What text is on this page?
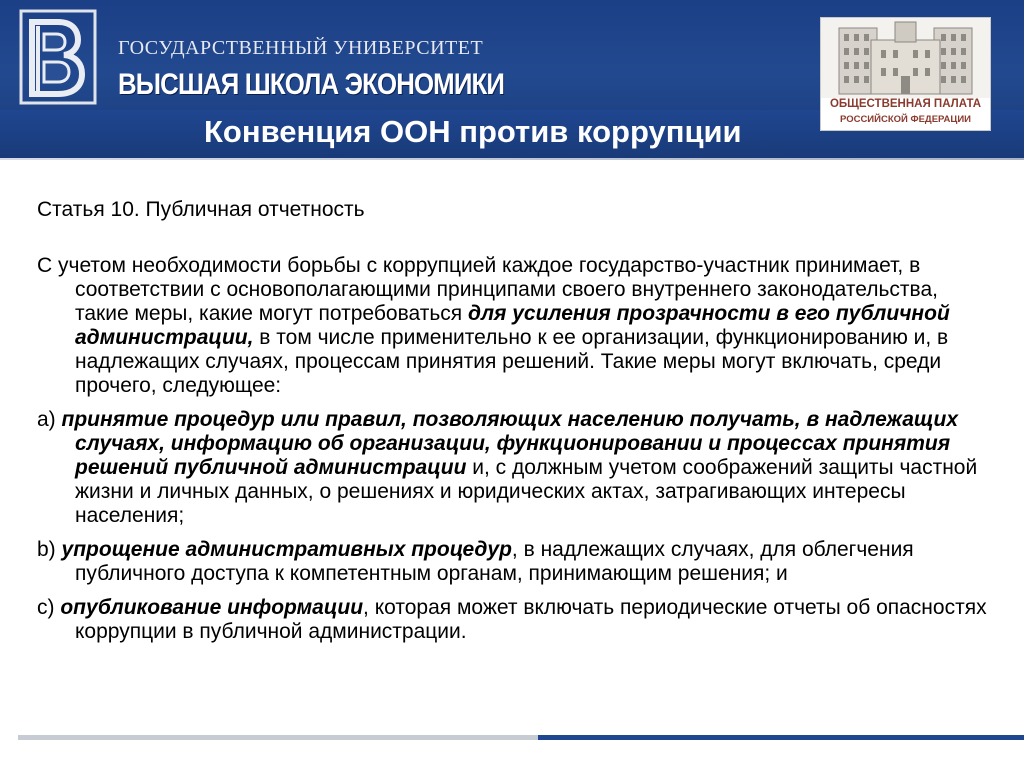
ГОСУДАРСТВЕННЫЙ УНИВЕРСИТЕТ
ВЫСШАЯ ШКОЛА ЭКОНОМИКИ
Конвенция ООН против коррупции
ОБЩЕСТВЕННАЯ ПАЛАТА
РОССИЙСКОЙ ФЕДЕРАЦИИ

Статья 10. Публичная отчетность

С учетом необходимости борьбы с коррупцией каждое государство-участник принимает, в соответствии с основополагающими принципами своего внутреннего законодательства, такие меры, какие могут потребоваться для усиления прозрачности в его публичной администрации, в том числе применительно к ее организации, функционированию и, в надлежащих случаях, процессам принятия решений. Такие меры могут включать, среди прочего, следующее:

a) принятие процедур или правил, позволяющих населению получать, в надлежащих случаях, информацию об организации, функционировании и процессах принятия решений публичной администрации и, с должным учетом соображений защиты частной жизни и личных данных, о решениях и юридических актах, затрагивающих интересы населения;

b) упрощение административных процедур, в надлежащих случаях, для облегчения публичного доступа к компетентным органам, принимающим решения; и

c) опубликование информации, которая может включать периодические отчеты об опасностях коррупции в публичной администрации.
